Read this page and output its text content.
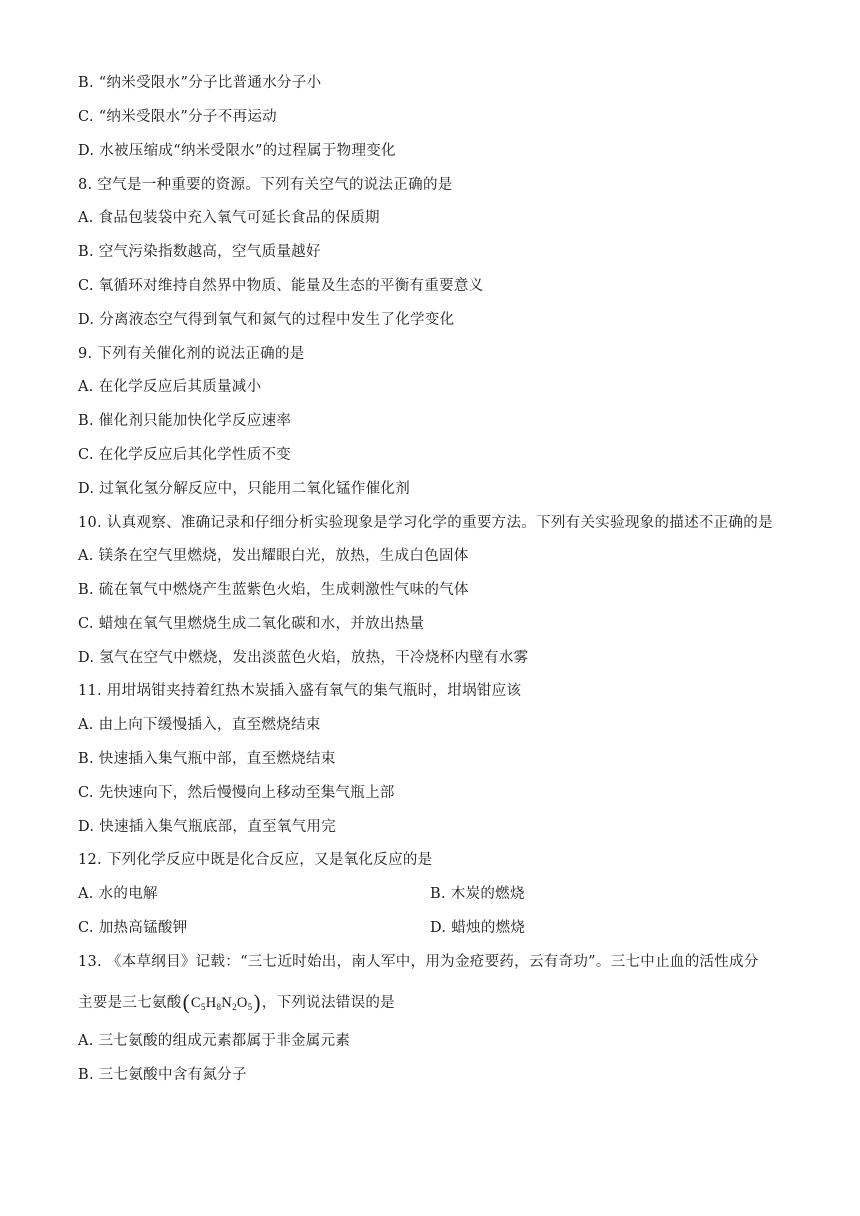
B. “纳米受限水”分子比普通水分子小
C. “纳米受限水”分子不再运动
D. 水被压缩成“纳米受限水”的过程属于物理变化
8. 空气是一种重要的资源。下列有关空气的说法正确的是
A. 食品包装袋中充入氧气可延长食品的保质期
B. 空气污染指数越高，空气质量越好
C. 氧循环对维持自然界中物质、能量及生态的平衡有重要意义
D. 分离液态空气得到氧气和氮气的过程中发生了化学变化
9. 下列有关催化剂的说法正确的是
A. 在化学反应后其质量减小
B. 催化剂只能加快化学反应速率
C. 在化学反应后其化学性质不变
D. 过氧化氢分解反应中，只能用二氧化锰作催化剂
10. 认真观察、准确记录和仔细分析实验现象是学习化学的重要方法。下列有关实验现象的描述不正确的是
A. 镁条在空气里燃烧，发出耀眼白光，放热，生成白色固体
B. 硫在氧气中燃烧产生蓝紫色火焰，生成刺激性气味的气体
C. 蜡烛在氧气里燃烧生成二氧化碳和水，并放出热量
D. 氢气在空气中燃烧，发出淡蓝色火焰，放热，干冷烧杯内壁有水雾
11. 用坩埚钳夹持着红热木炭插入盛有氧气的集气瓶时，坩埚钳应该
A. 由上向下缓慢插入，直至燃烧结束
B. 快速插入集气瓶中部，直至燃烧结束
C. 先快速向下，然后慢慢向上移动至集气瓶上部
D. 快速插入集气瓶底部，直至氧气用完
12. 下列化学反应中既是化合反应，又是氧化反应的是
A. 水的电解	B. 木炭的燃烧
C. 加热高锰酸钾	D. 蜡烛的燃烧
13. 《本草纲目》记载：“三七近时始出，南人军中，用为金疮要药，云有奇功”。三七中止血的活性成分
主要是三七氨酸$(C_5H_8N_2O_5)$，下列说法错误的是
A. 三七氨酸的组成元素都属于非金属元素
B. 三七氨酸中含有氮分子
